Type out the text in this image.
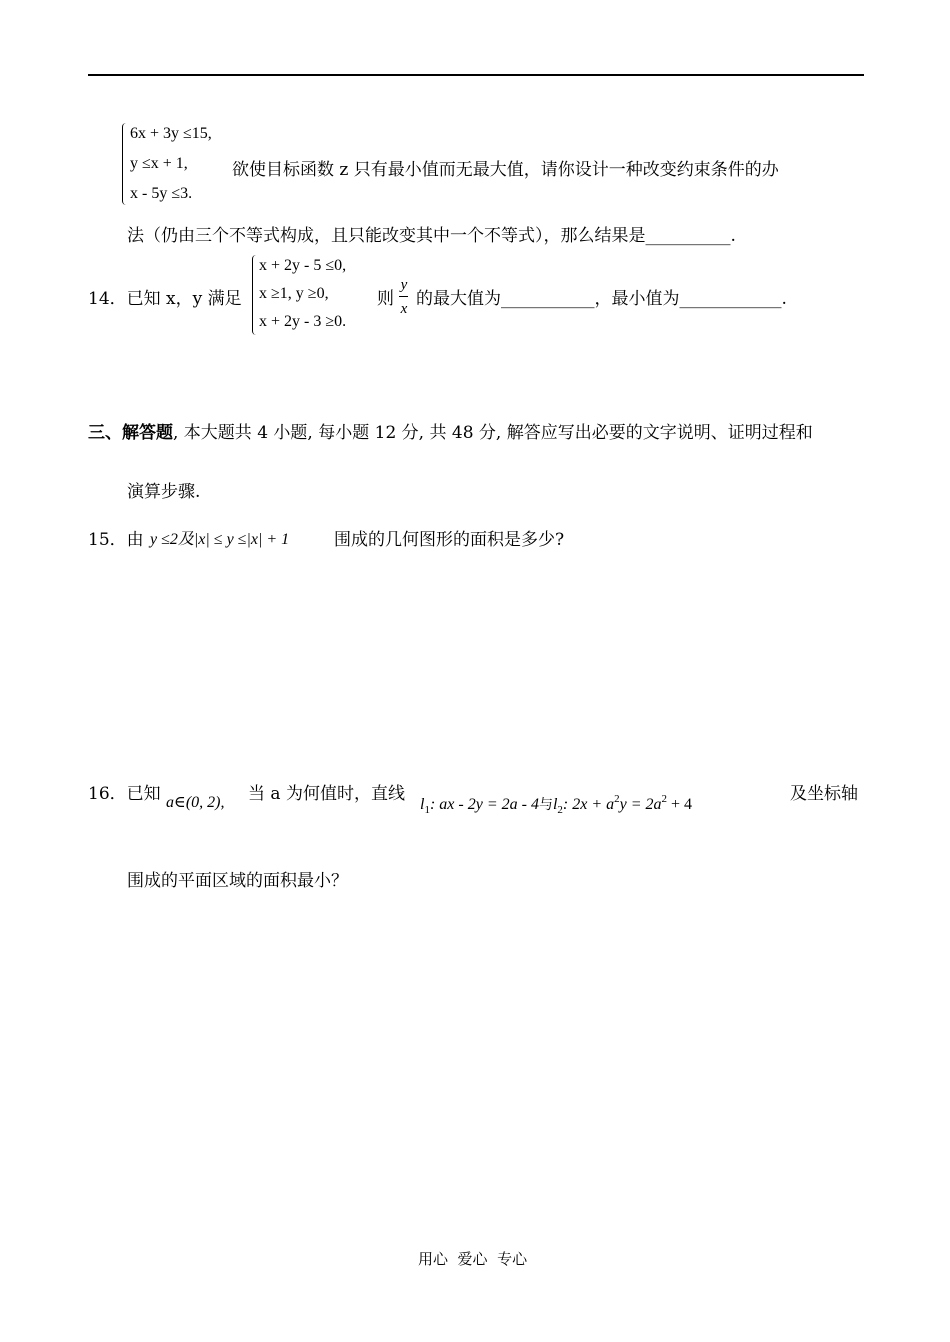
6x + 3y ≤15,
y ≤x + 1,
x - 5y ≤3.
欲使目标函数 z 只有最小值而无最大值，请你设计一种改变约束条件的办
法（仍由三个不等式构成，且只能改变其中一个不等式），那么结果是__________.
14．已知 x，y 满足
x + 2y - 5 ≤0,
x ≥1, y ≥0,
x + 2y - 3 ≥0.
则
y
x 的最大值为___________，最小值为____________.
三、解答题, 本大题共 4 小题, 每小题 12 分, 共 48 分, 解答应写出必要的文字说明、证明过程和
演算步骤.
15．由 y ≤2及|x| ≤ y ≤|x| + 1	围成的几何图形的面积是多少?
16．已知 a∈(0, 2), 当 a 为何值时，直线
$l_1$: ax - 2y = 2a - 4与$l_2$: $2x + a^2y = 2a^2 + 4$
及坐标轴
围成的平面区域的面积最小？
用心  爱心  专心
